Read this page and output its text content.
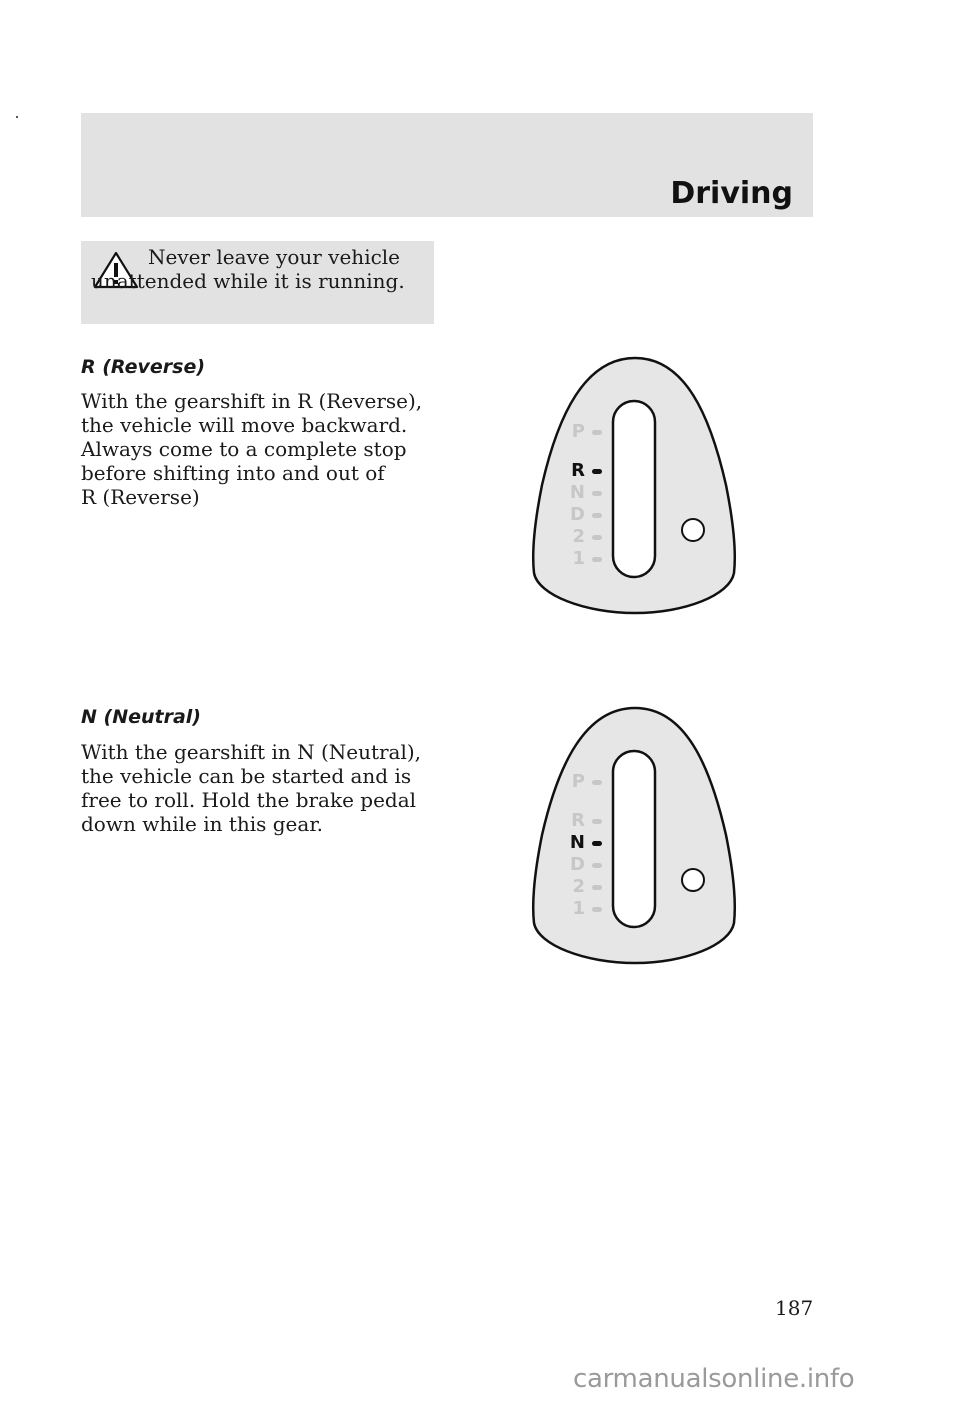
Driving
Never leave your vehicle unattended while it is running.
R (Reverse)
With the gearshift in R (Reverse),
the vehicle will move backward.
Always come to a complete stop
before shifting into and out of
R (Reverse)
P
R
N
D
2
1
N (Neutral)
With the gearshift in N (Neutral),
the vehicle can be started and is
free to roll. Hold the brake pedal
down while in this gear.
P
R
N
D
2
1
187
carmanualsonline.info
